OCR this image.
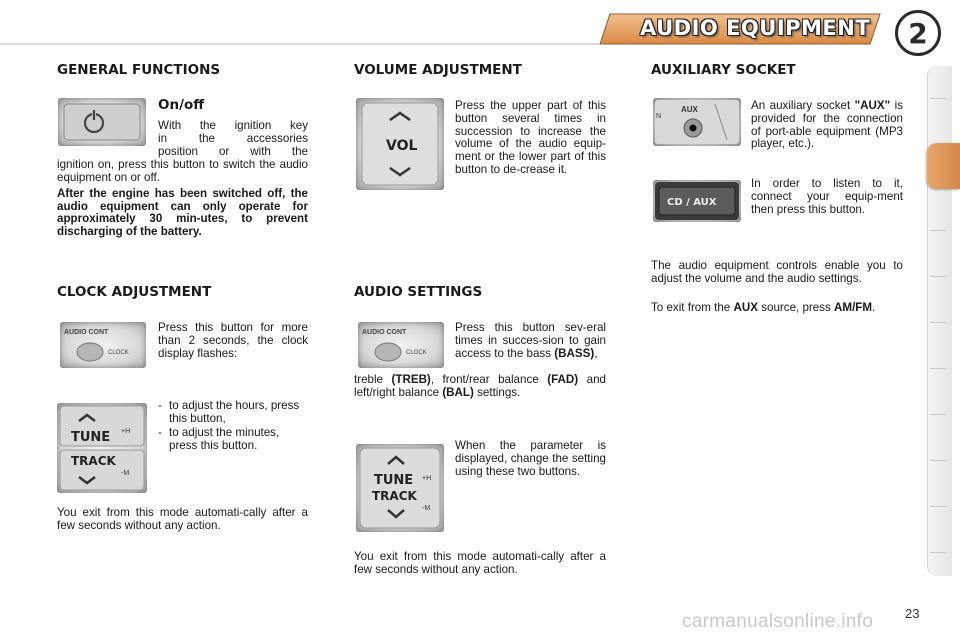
AUDIO EQUIPMENT	2
GENERAL FUNCTIONS
On/off
With the ignition key
in the accessories
position or with the
ignition on, press this button to switch the audio equipment on or off.
After the engine has been switched off, the audio equipment can only operate for approximately 30 min-utes, to prevent discharging of the battery.
CLOCK ADJUSTMENT
AUDIO CONT
CLOCK
Press this button for more than 2 seconds, the clock display flashes:
TUNE +H
TRACK
-M
- to adjust the hours, press this button,
- to adjust the minutes, press this button.
You exit from this mode automati-cally after a few seconds without any action.
VOLUME ADJUSTMENT
VOL
Press the upper part of this button several times in succession to increase the volume of the audio equip-ment or the lower part of this button to de-crease it.
AUDIO SETTINGS
AUDIO CONT
CLOCK
Press this button sev-eral times in succes-sion to gain access to the bass (BASS),
treble (TREB), front/rear balance (FAD) and left/right balance (BAL) settings.
TUNE
TRACK
+H
-M
When the parameter is displayed, change the setting using these two buttons.
You exit from this mode automati-cally after a few seconds without any action.
AUXILIARY SOCKET
AUX
N
An auxiliary socket "AUX" is provided for the connection of port-able equipment (MP3 player, etc.).
CD / AUX
In order to listen to it, connect your equip-ment then press this button.
The audio equipment controls enable you to adjust the volume and the audio settings.
To exit from the AUX source, press AM/FM.
carmanualsonline.info 23
